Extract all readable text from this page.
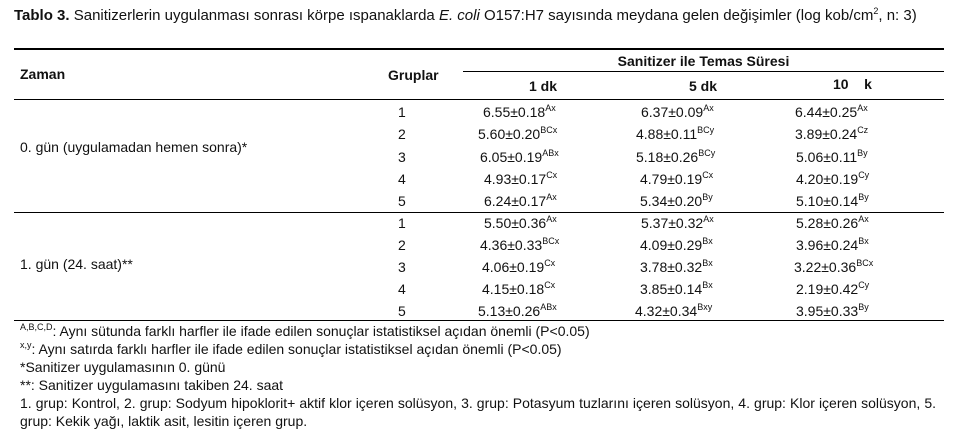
Tablo 3. Sanitizerlerin uygulanması sonrası körpe ıspanaklarda E. coli O157:H7 sayısında meydana gelen değişimler (log kob/$cm^2$, n: 3)
Zaman	Gruplar
Sanitizer ile Temas Süresi
1 dk	5 dk	10    k
0. gün (uygulamadan hemen sonra)*
1	$6.55\pm 0.18^{Ax}$	$6.37\pm 0.09^{Ax}$	$6.44\pm 0.25^{Ax}$
2	$5.60\pm 0.20^{BCx}$	$4.88\pm 0.11^{BCy}$	$3.89\pm 0.24^{Cz}$
3	$6.05\pm 0.19^{ABx}$	$5.18\pm 0.26^{BCy}$	$5.06\pm 0.11^{By}$
4	$4.93\pm 0.17^{Cx}$	$4.79\pm 0.19^{Cx}$	$4.20\pm 0.19^{Cy}$
5	$6.24\pm 0.17^{Ax}$	$5.34\pm 0.20^{By}$	$5.10\pm 0.14^{By}$
1. gün (24. saat)**
1	$5.50\pm 0.36^{Ax}$	$5.37\pm 0.32^{Ax}$	$5.28\pm 0.26^{Ax}$
2	$4.36\pm 0.33^{BCx}$	$4.09\pm 0.29^{Bx}$	$3.96\pm 0.24^{Bx}$
3	$4.06\pm 0.19^{Cx}$	$3.78\pm 0.32^{Bx}$	$3.22\pm 0.36^{BCx}$
4	$4.15\pm 0.18^{Cx}$	$3.85\pm 0.14^{Bx}$	$2.19\pm 0.42^{Cy}$
5	$5.13\pm 0.26^{ABx}$	$4.32\pm 0.34^{Bxy}$	$3.95\pm 0.33^{By}$
$^{A,B,C,D}$: Aynı sütunda farklı harfler ile ifade edilen sonuçlar istatistiksel açıdan önemli (P<0.05)
$^{x,y}$: Aynı satırda farklı harfler ile ifade edilen sonuçlar istatistiksel açıdan önemli (P<0.05)
*Sanitizer uygulamasının 0. günü
**: Sanitizer uygulamasını takiben 24. saat
1. grup: Kontrol, 2. grup: Sodyum hipoklorit+ aktif klor içeren solüsyon, 3. grup: Potasyum tuzlarını içeren solüsyon, 4. grup: Klor içeren solüsyon, 5. grup: Kekik yağı, laktik asit, lesitin içeren grup.
